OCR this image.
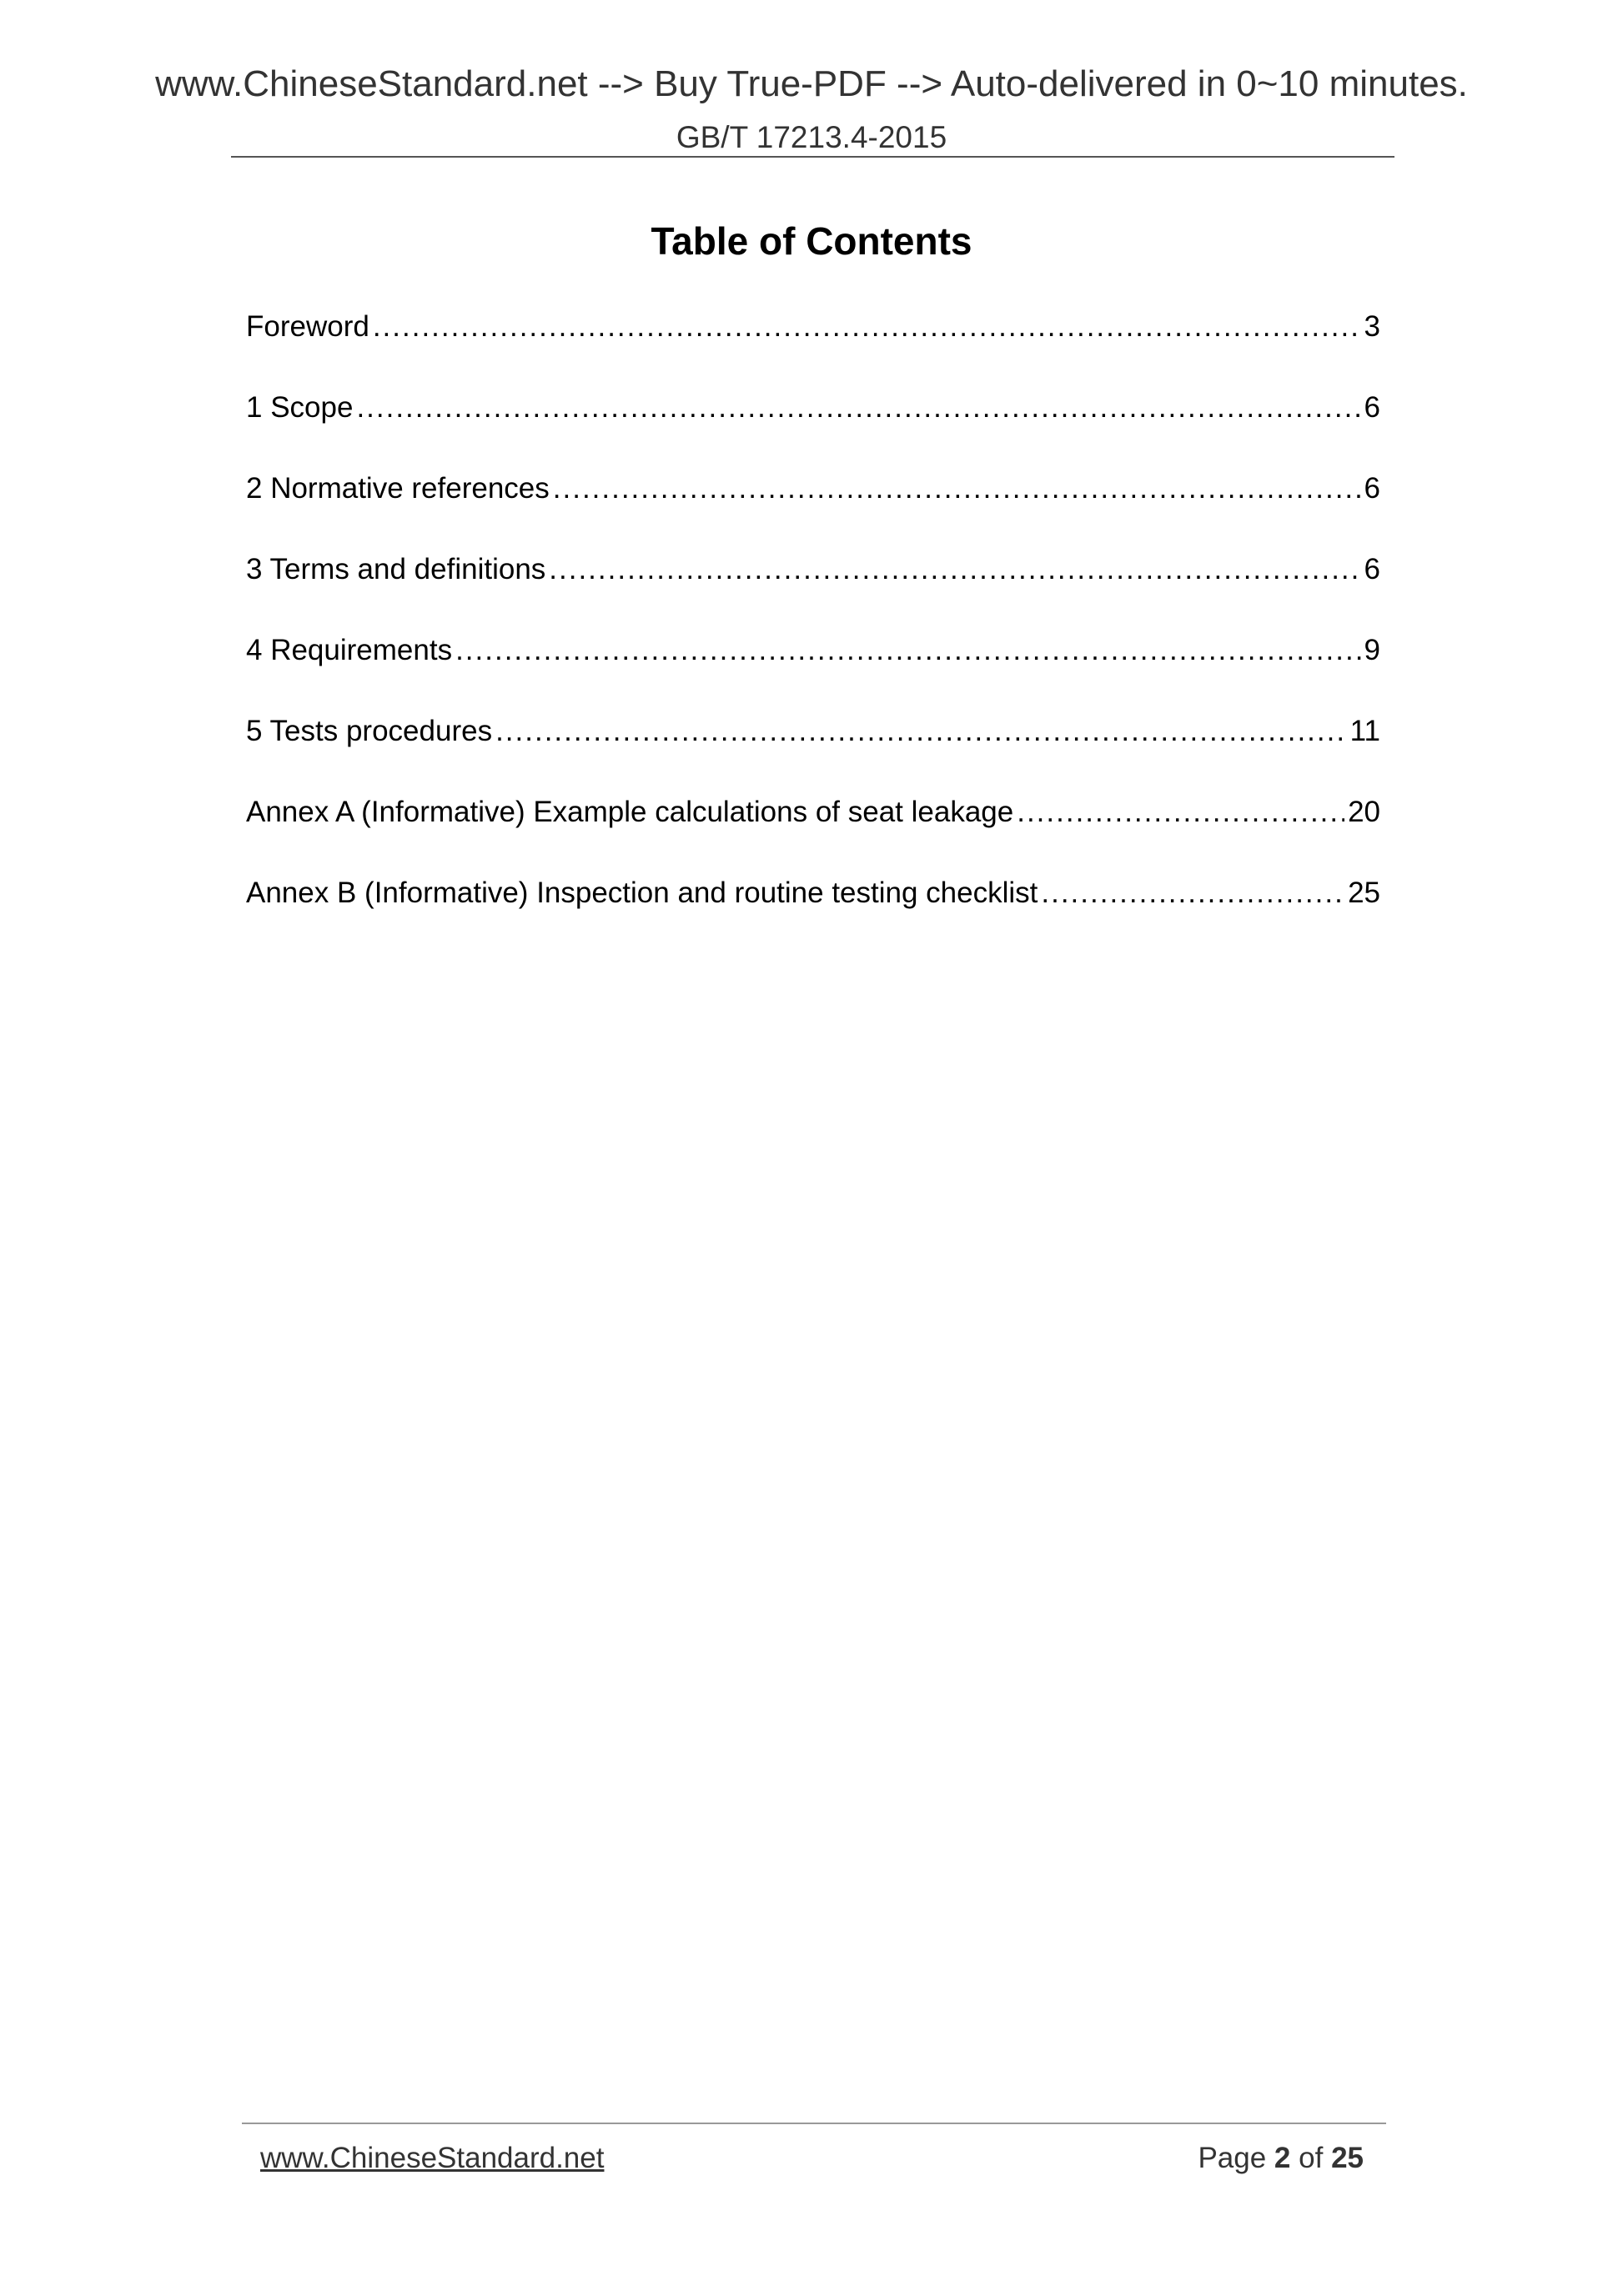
www.ChineseStandard.net --> Buy True-PDF --> Auto-delivered in 0~10 minutes.
GB/T 17213.4-2015
Table of Contents
Foreword .....	3
1 Scope .....	6
2 Normative references .....	6
3 Terms and definitions .....	6
4 Requirements .....	9
5 Tests procedures .....	11
Annex A (Informative) Example calculations of seat leakage .....	20
Annex B (Informative) Inspection and routine testing checklist .....	25
www.ChineseStandard.net	Page 2 of 25
